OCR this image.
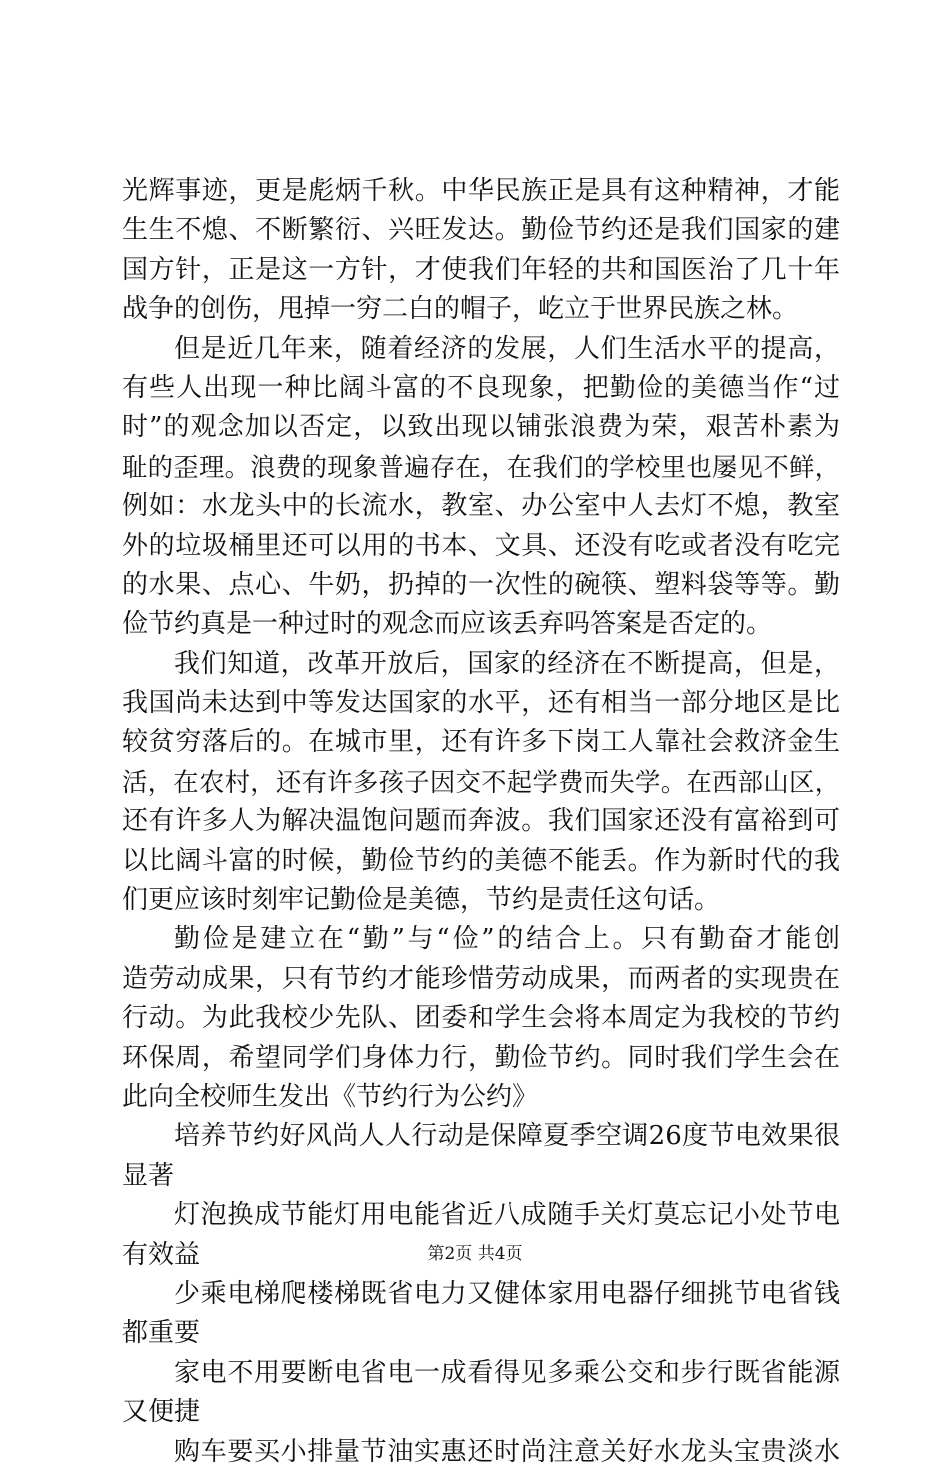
光辉事迹，更是彪炳千秋。中华民族正是具有这种精神，才能
生生不熄、不断繁衍、兴旺发达。勤俭节约还是我们国家的建
国方针，正是这一方针，才使我们年轻的共和国医治了几十年
战争的创伤，甩掉一穷二白的帽子，屹立于世界民族之林。
但是近几年来，随着经济的发展，人们生活水平的提高，
有些人出现一种比阔斗富的不良现象，把勤俭的美德当作“过
时”的观念加以否定，以致出现以铺张浪费为荣，艰苦朴素为
耻的歪理。浪费的现象普遍存在，在我们的学校里也屡见不鲜，
例如：水龙头中的长流水，教室、办公室中人去灯不熄，教室
外的垃圾桶里还可以用的书本、文具、还没有吃或者没有吃完
的水果、点心、牛奶，扔掉的一次性的碗筷、塑料袋等等。勤
俭节约真是一种过时的观念而应该丢弃吗答案是否定的。
我们知道，改革开放后，国家的经济在不断提高，但是，
我国尚未达到中等发达国家的水平，还有相当一部分地区是比
较贫穷落后的。在城市里，还有许多下岗工人靠社会救济金生
活，在农村，还有许多孩子因交不起学费而失学。在西部山区，
还有许多人为解决温饱问题而奔波。我们国家还没有富裕到可
以比阔斗富的时候，勤俭节约的美德不能丢。作为新时代的我
们更应该时刻牢记勤俭是美德，节约是责任这句话。
勤俭是建立在“勤”与“俭”的结合上。只有勤奋才能创
造劳动成果，只有节约才能珍惜劳动成果，而两者的实现贵在
行动。为此我校少先队、团委和学生会将本周定为我校的节约
环保周，希望同学们身体力行，勤俭节约。同时我们学生会在
此向全校师生发出《节约行为公约》
培养节约好风尚人人行动是保障夏季空调26度节电效果很
显著
灯泡换成节能灯用电能省近八成随手关灯莫忘记小处节电
有效益
少乘电梯爬楼梯既省电力又健体家用电器仔细挑节电省钱
都重要
家电不用要断电省电一成看得见多乘公交和步行既省能源
又便捷
购车要买小排量节油实惠还时尚注意关好水龙头宝贵淡水
第2页 共4页
